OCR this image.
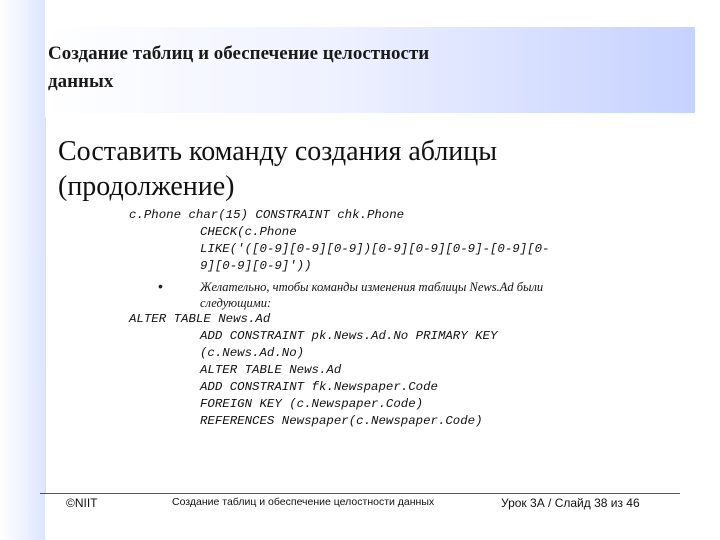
Создание таблиц и обеспечение целостности
данных
Составить команду создания аблицы
(продолжение)
c.Phone char(15) CONSTRAINT chk.Phone
CHECK(c.Phone
LIKE('([0-9][0-9][0-9])[0-9][0-9][0-9]-[0-9][0-
9][0-9][0-9]'))
•	Желательно, чтобы команды изменения таблицы News.Ad были
следующими:
ALTER TABLE News.Ad
ADD CONSTRAINT pk.News.Ad.No PRIMARY KEY
(c.News.Ad.No)
ALTER TABLE News.Ad
ADD CONSTRAINT fk.Newspaper.Code
FOREIGN KEY (c.Newspaper.Code)
REFERENCES Newspaper(c.Newspaper.Code)
©NIIT	Создание таблиц и обеспечение целостности данных	Урок 3А / Слайд 38 из 46
